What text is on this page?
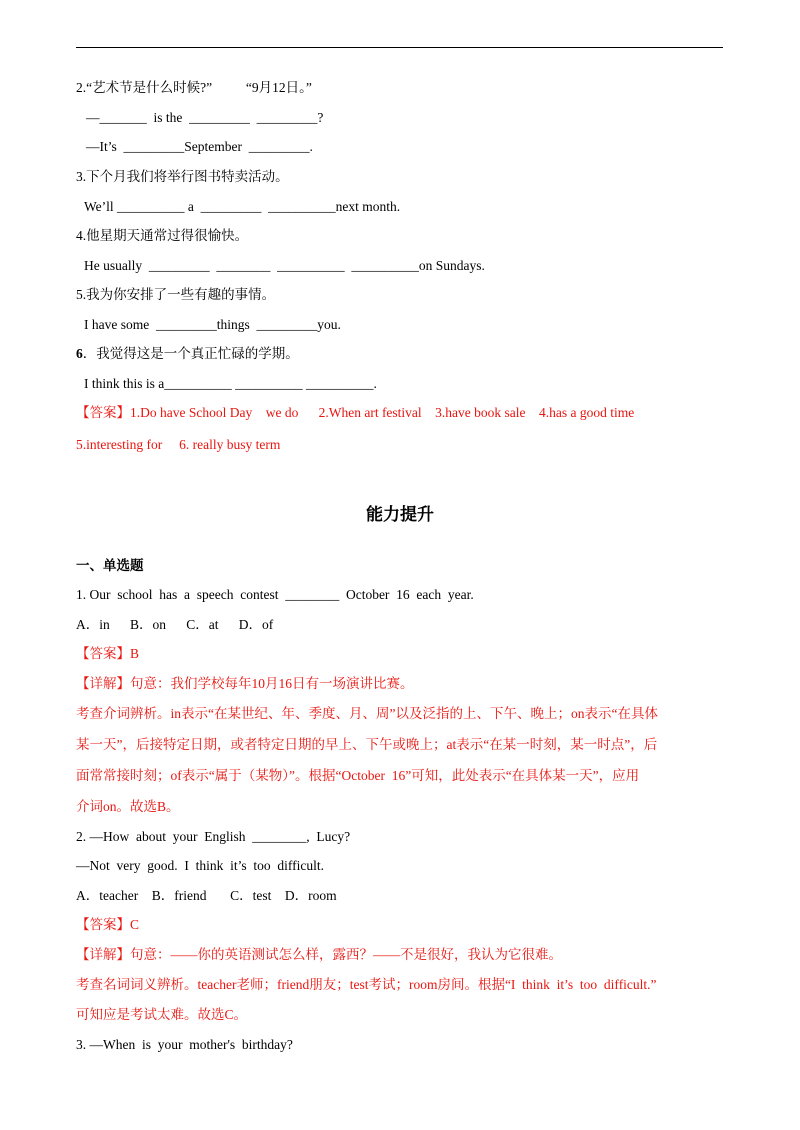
2.“艺术节是什么时候?”          “9月12日。”
—_______  is the  _________  _________?
—It’s  _________September  _________.
3.下个月我们将举行图书特卖活动。
We’ll __________ a  _________  __________next month.
4.他星期天通常过得很愉快。
He usually  _________  ________  __________  __________on Sundays.
5.我为你安排了一些有趣的事情。
I have some  _________things  _________you.
6．我觉得这是一个真正忙碌的学期。
I think this is a__________ __________ __________.
【答案】1.Do have School Day    we do      2.When art festival    3.have book sale    4.has a good time
5.interesting for     6. really busy term
能力提升
一、单选题
1. Our  school  has  a  speech  contest  ________  October  16  each  year.
A．in      B．on      C．at      D．of
【答案】B
【详解】句意：我们学校每年10月16日有一场演讲比赛。
考查介词辨析。in表示“在某世纪、年、季度、月、周”以及泛指的上、下午、晚上；on表示“在具体
某一天”，后接特定日期，或者特定日期的早上、下午或晚上；at表示“在某一时刻，某一时点”，后
面常常接时刻；of表示“属于（某物）”。根据“October  16”可知，此处表示“在具体某一天”，应用
介词on。故选B。
2. —How  about  your  English  ________,  Lucy?
—Not  very  good.  I  think  it’s  too  difficult.
A．teacher    B．friend       C．test    D．room
【答案】C
【详解】句意：——你的英语测试怎么样，露西？——不是很好，我认为它很难。
考查名词词义辨析。teacher老师；friend朋友；test考试；room房间。根据“I  think  it’s  too  difficult.”
可知应是考试太难。故选C。
3. —When  is  your  mother's  birthday?
